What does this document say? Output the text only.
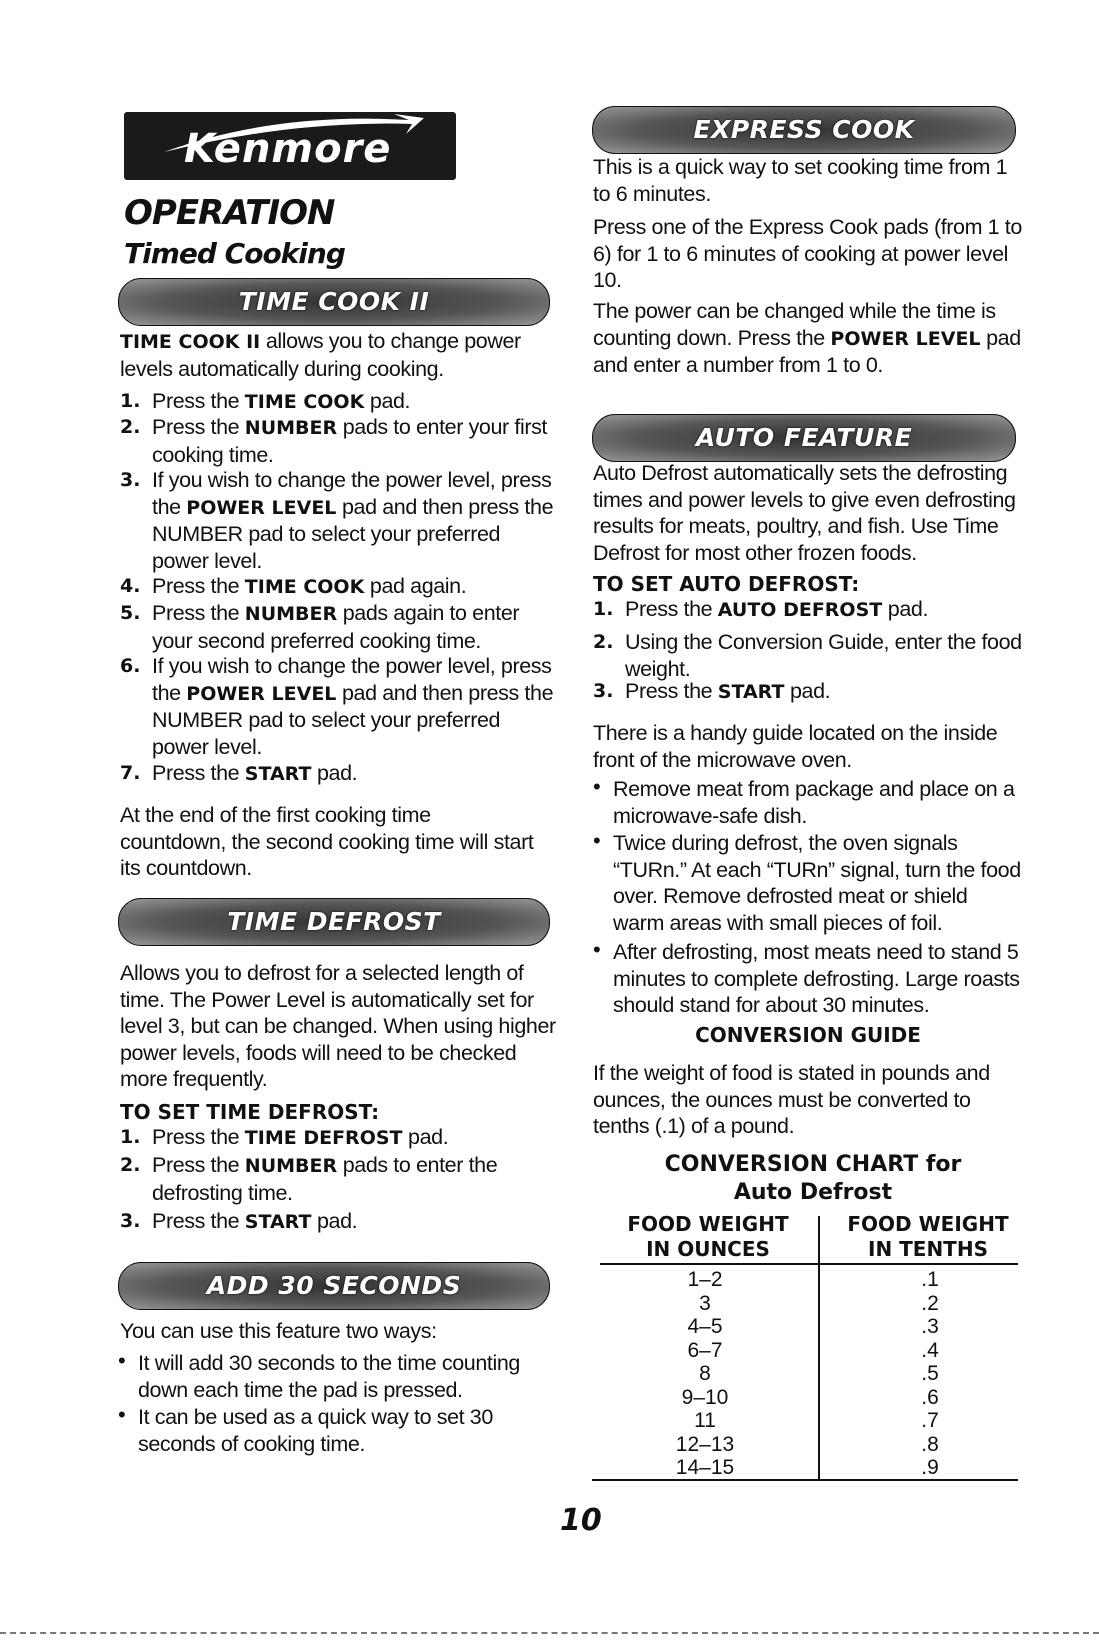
Kenmore
OPERATION
Timed Cooking
TIME COOK II
TIME COOK II allows you to change power levels automatically during cooking.
1. Press the TIME COOK pad.
2. Press the NUMBER pads to enter your first cooking time.
3. If you wish to change the power level, press the POWER LEVEL pad and then press the NUMBER pad to select your preferred power level.
4. Press the TIME COOK pad again.
5. Press the NUMBER pads again to enter your second preferred cooking time.
6. If you wish to change the power level, press the POWER LEVEL pad and then press the NUMBER pad to select your preferred power level.
7. Press the START pad.
At the end of the first cooking time countdown, the second cooking time will start its countdown.
TIME DEFROST
Allows you to defrost for a selected length of time. The Power Level is automatically set for level 3, but can be changed. When using higher power levels, foods will need to be checked more frequently.
TO SET TIME DEFROST:
1. Press the TIME DEFROST pad.
2. Press the NUMBER pads to enter the defrosting time.
3. Press the START pad.
ADD 30 SECONDS
You can use this feature two ways:
• It will add 30 seconds to the time counting down each time the pad is pressed.
• It can be used as a quick way to set 30 seconds of cooking time.
EXPRESS COOK
This is a quick way to set cooking time from 1 to 6 minutes.
Press one of the Express Cook pads (from 1 to 6) for 1 to 6 minutes of cooking at power level 10.
The power can be changed while the time is counting down. Press the POWER LEVEL pad and enter a number from 1 to 0.
AUTO FEATURE
Auto Defrost automatically sets the defrosting times and power levels to give even defrosting results for meats, poultry, and fish. Use Time Defrost for most other frozen foods.
TO SET AUTO DEFROST:
1. Press the AUTO DEFROST pad.
2. Using the Conversion Guide, enter the food weight.
3. Press the START pad.
There is a handy guide located on the inside front of the microwave oven.
• Remove meat from package and place on a microwave-safe dish.
• Twice during defrost, the oven signals “TURn.” At each “TURn” signal, turn the food over. Remove defrosted meat or shield warm areas with small pieces of foil.
• After defrosting, most meats need to stand 5 minutes to complete defrosting. Large roasts should stand for about 30 minutes.
CONVERSION GUIDE
If the weight of food is stated in pounds and ounces, the ounces must be converted to tenths (.1) of a pound.
CONVERSION CHART for
Auto Defrost
FOOD WEIGHT
IN OUNCES
FOOD WEIGHT
IN TENTHS
1–2	.1
3	.2
4–5	.3
6–7	.4
8	.5
9–10	.6
11	.7
12–13	.8
14–15	.9
10
